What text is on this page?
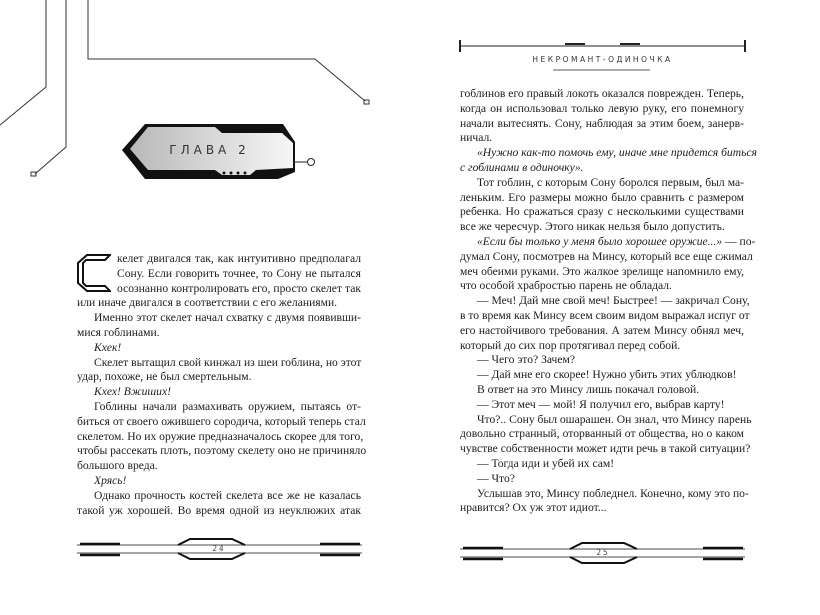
ГЛАВА 2
НЕКРОМАНТ-ОДИНОЧКА
келет двигался так, как интуитивно предполагал
Сону. Если говорить точнее, то Сону не пытался
осознанно контролировать его, просто скелет так
или иначе двигался в соответствии с его желаниями.
Именно этот скелет начал схватку с двумя появивши-
мися гоблинами.
Кхек!
Скелет вытащил свой кинжал из шеи гоблина, но этот
удар, похоже, не был смертельным.
Кхех! Вжиших!
Гоблины начали размахивать оружием, пытаясь от-
биться от своего ожившего сородича, который теперь стал
скелетом. Но их оружие предназначалось скорее для того,
чтобы рассекать плоть, поэтому скелету оно не причиняло
большого вреда.
Хрясь!
Однако прочность костей скелета все же не казалась
такой уж хорошей. Во время одной из неуклюжих атак
гоблинов его правый локоть оказался поврежден. Теперь,
когда он использовал только левую руку, его понемногу
начали вытеснять. Сону, наблюдая за этим боем, занерв-
ничал.
«Нужно как-то помочь ему, иначе мне придется биться
с гоблинами в одиночку».
Тот гоблин, с которым Сону боролся первым, был ма-
леньким. Его размеры можно было сравнить с размером
ребенка. Но сражаться сразу с несколькими существами
все же чересчур. Этого никак нельзя было допустить.
«Если бы только у меня было хорошее оружие...» — по-
думал Сону, посмотрев на Минсу, который все еще сжимал
меч обеими руками. Это жалкое зрелище напомнило ему,
что особой храбростью парень не обладал.
— Меч! Дай мне свой меч! Быстрее! — закричал Сону,
в то время как Минсу всем своим видом выражал испуг от
его настойчивого требования. А затем Минсу обнял меч,
который до сих пор протягивал перед собой.
— Чего это? Зачем?
— Дай мне его скорее! Нужно убить этих ублюдков!
В ответ на это Минсу лишь покачал головой.
— Этот меч — мой! Я получил его, выбрав карту!
Что?.. Сону был ошарашен. Он знал, что Минсу парень
довольно странный, оторванный от общества, но о каком
чувстве собственности может идти речь в такой ситуации?
— Тогда иди и убей их сам!
— Что?
Услышав это, Минсу побледнел. Конечно, кому это по-
нравится? Ох уж этот идиот...
24	25
